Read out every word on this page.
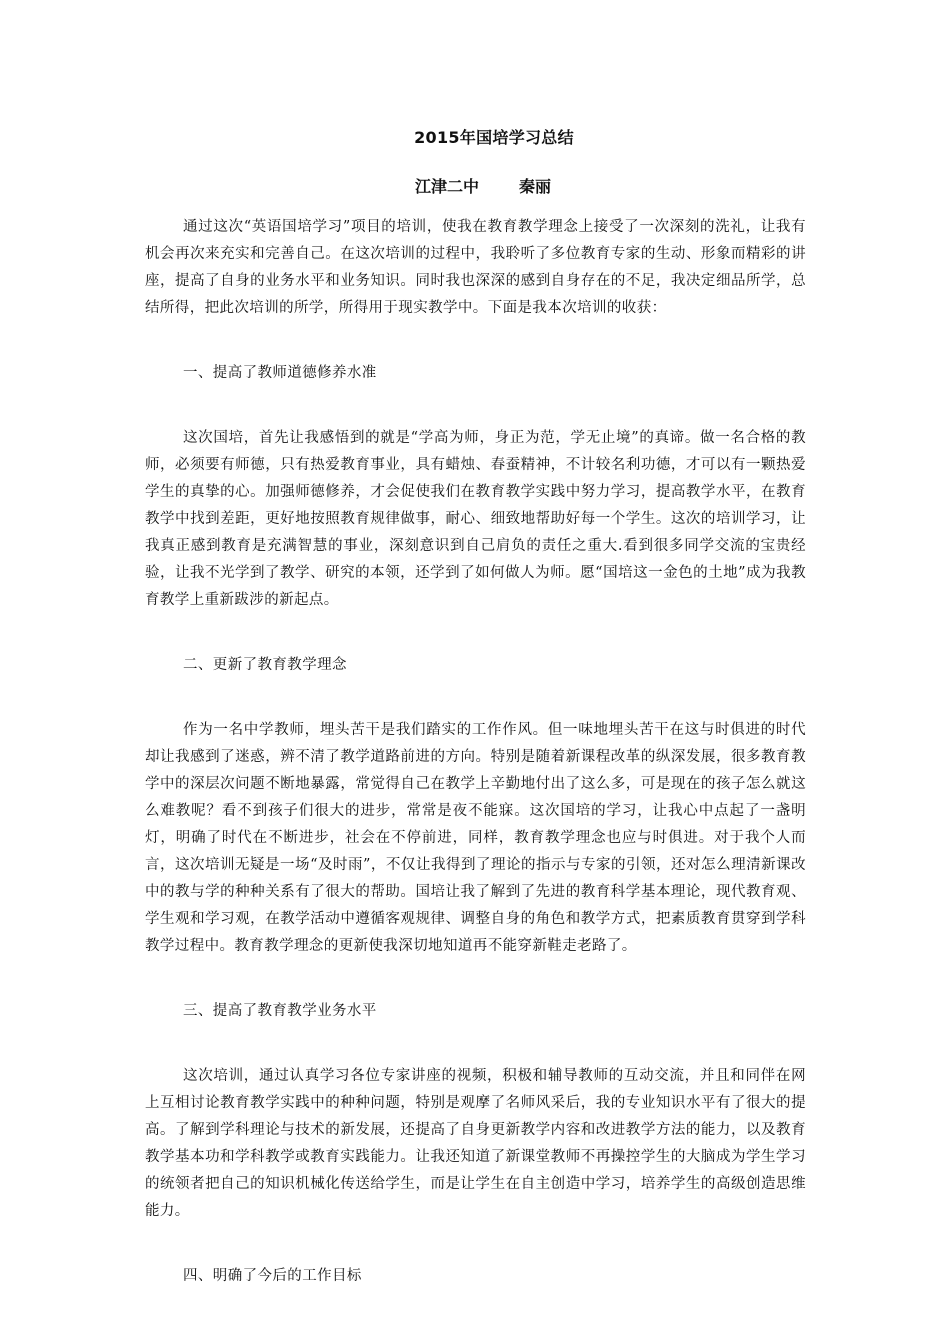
2015年国培学习总结
江津二中	秦丽

通过这次“英语国培学习”项目的培训，使我在教育教学理念上接受了一次深刻的洗礼，让我有机会再次来充实和完善自己。在这次培训的过程中，我聆听了多位教育专家的生动、形象而精彩的讲座，提高了自身的业务水平和业务知识。同时我也深深的感到自身存在的不足，我决定细品所学，总结所得，把此次培训的所学，所得用于现实教学中。下面是我本次培训的收获：

一、提高了教师道德修养水准

这次国培，首先让我感悟到的就是“学高为师，身正为范，学无止境”的真谛。做一名合格的教师，必须要有师德，只有热爱教育事业，具有蜡烛、春蚕精神，不计较名利功德，才可以有一颗热爱学生的真挚的心。加强师德修养，才会促使我们在教育教学实践中努力学习，提高教学水平，在教育教学中找到差距，更好地按照教育规律做事，耐心、细致地帮助好每一个学生。这次的培训学习，让我真正感到教育是充满智慧的事业，深刻意识到自己肩负的责任之重大.看到很多同学交流的宝贵经验，让我不光学到了教学、研究的本领，还学到了如何做人为师。愿“国培这一金色的土地”成为我教育教学上重新跋涉的新起点。

二、更新了教育教学理念

作为一名中学教师，埋头苦干是我们踏实的工作作风。但一味地埋头苦干在这与时俱进的时代却让我感到了迷惑，辨不清了教学道路前进的方向。特别是随着新课程改革的纵深发展，很多教育教学中的深层次问题不断地暴露，常觉得自己在教学上辛勤地付出了这么多，可是现在的孩子怎么就这么难教呢？看不到孩子们很大的进步，常常是夜不能寐。这次国培的学习，让我心中点起了一盏明灯，明确了时代在不断进步，社会在不停前进，同样，教育教学理念也应与时俱进。对于我个人而言，这次培训无疑是一场“及时雨”，不仅让我得到了理论的指示与专家的引领，还对怎么理清新课改中的教与学的种种关系有了很大的帮助。国培让我了解到了先进的教育科学基本理论，现代教育观、学生观和学习观，在教学活动中遵循客观规律、调整自身的角色和教学方式，把素质教育贯穿到学科教学过程中。教育教学理念的更新使我深切地知道再不能穿新鞋走老路了。

三、提高了教育教学业务水平

这次培训，通过认真学习各位专家讲座的视频，积极和辅导教师的互动交流，并且和同伴在网上互相讨论教育教学实践中的种种问题，特别是观摩了名师风采后，我的专业知识水平有了很大的提高。了解到学科理论与技术的新发展，还提高了自身更新教学内容和改进教学方法的能力，以及教育教学基本功和学科教学或教育实践能力。让我还知道了新课堂教师不再操控学生的大脑成为学生学习的统领者把自己的知识机械化传送给学生，而是让学生在自主创造中学习，培养学生的高级创造思维能力。

四、明确了今后的工作目标
